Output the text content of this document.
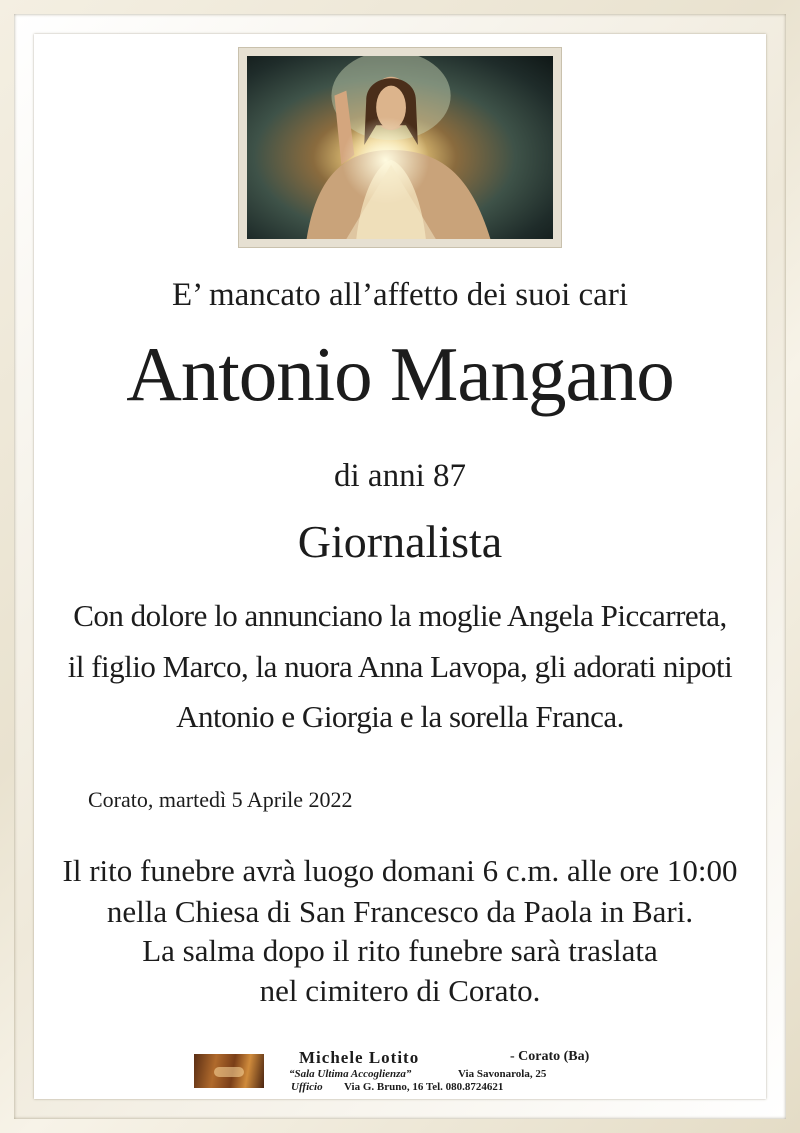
E’ mancato all’affetto dei suoi cari
Antonio Mangano
di anni 87
Giornalista
Con dolore lo annunciano la moglie Angela Piccarreta,
il figlio Marco, la nuora Anna Lavopa, gli adorati nipoti
Antonio e Giorgia e la sorella Franca.
Corato, martedì 5 Aprile 2022
Il rito funebre avrà luogo domani 6 c.m. alle ore 10:00
nella Chiesa di San Francesco da Paola in Bari.
La salma dopo il rito funebre sarà traslata
nel cimitero di Corato.
Michele Lotito	- Corato (Ba)
“Sala Ultima Accoglienza”	Via Savonarola, 25
Ufficio Via G. Bruno, 16 Tel. 080.8724621
